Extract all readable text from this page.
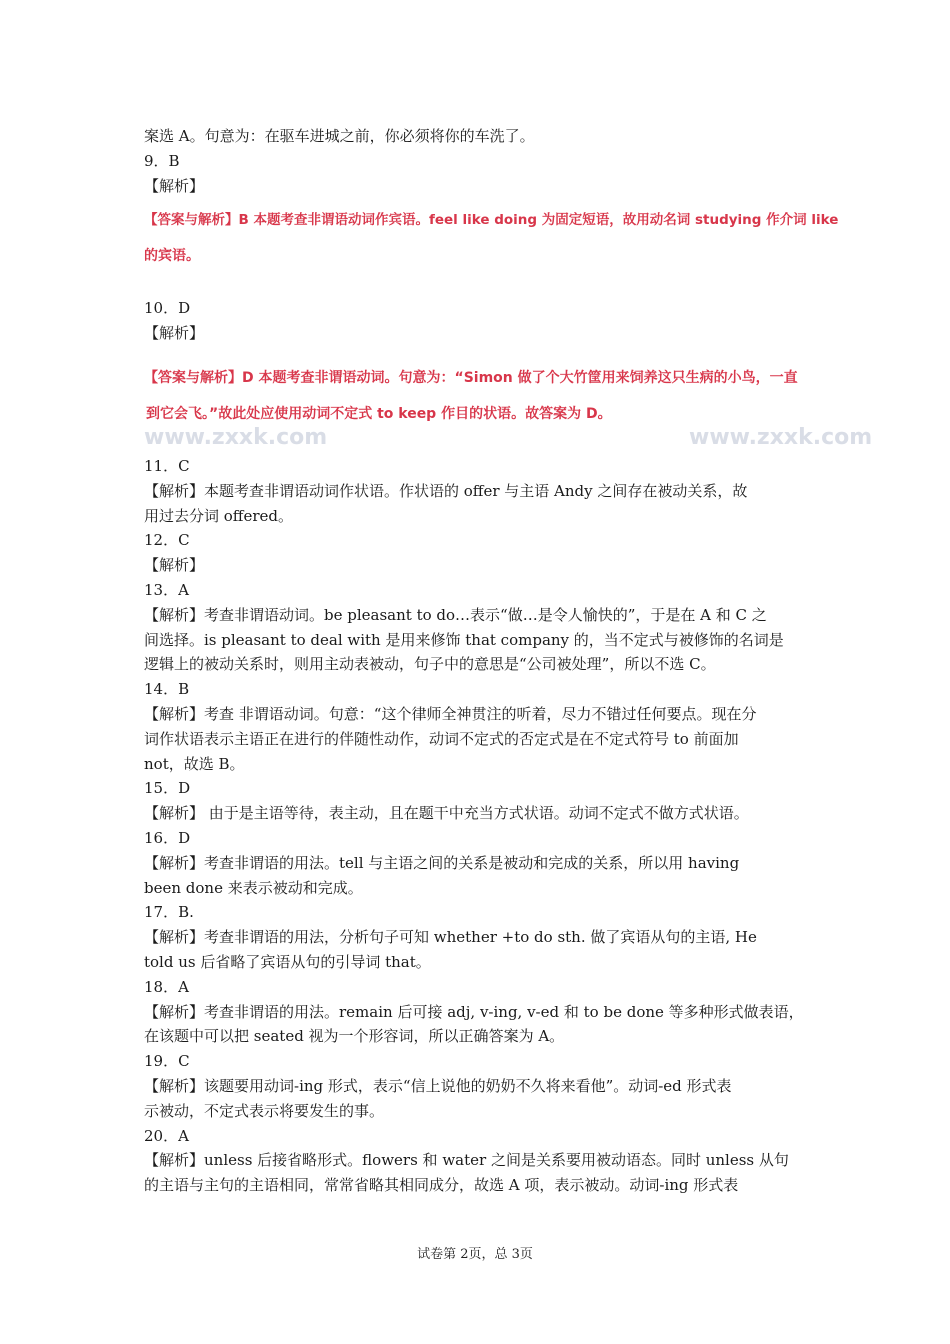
案选 A。句意为：在驱车进城之前，你必须将你的车洗了。
9．B
【解析】
【答案与解析】B 本题考查非谓语动词作宾语。feel like doing 为固定短语，故用动名词 studying 作介词 like
的宾语。
10．D
【解析】
【答案与解析】D 本题考查非谓语动词。句意为：“Simon 做了个大竹筐用来饲养这只生病的小鸟，一直
到它会飞。”故此处应使用动词不定式 to keep 作目的状语。故答案为 D。
www.zxxk.com	www.zxxk.com
11．C
【解析】本题考查非谓语动词作状语。作状语的 offer 与主语 Andy 之间存在被动关系，故
用过去分词 offered。
12．C
【解析】
13．A
【解析】考查非谓语动词。be pleasant to do…表示“做…是令人愉快的”，于是在 A 和 C 之
间选择。is pleasant to deal with 是用来修饰 that company 的，当不定式与被修饰的名词是
逻辑上的被动关系时，则用主动表被动，句子中的意思是“公司被处理”，所以不选 C。
14．B
【解析】考查 非谓语动词。句意：“这个律师全神贯注的听着，尽力不错过任何要点。现在分
词作状语表示主语正在进行的伴随性动作，动词不定式的否定式是在不定式符号 to 前面加
not，故选 B。
15．D
【解析】 由于是主语等待，表主动，且在题干中充当方式状语。动词不定式不做方式状语。
16．D
【解析】考查非谓语的用法。tell 与主语之间的关系是被动和完成的关系，所以用 having
been done 来表示被动和完成。
17．B.
【解析】考查非谓语的用法，分析句子可知 whether +to do sth. 做了宾语从句的主语, He
told us 后省略了宾语从句的引导词 that。
18．A
【解析】考查非谓语的用法。remain 后可接 adj, v-ing, v-ed 和 to be done 等多种形式做表语，
在该题中可以把 seated 视为一个形容词，所以正确答案为 A。
19．C
【解析】该题要用动词-ing 形式，表示“信上说他的奶奶不久将来看他”。动词-ed 形式表
示被动，不定式表示将要发生的事。
20．A
【解析】unless 后接省略形式。flowers 和 water 之间是关系要用被动语态。同时 unless 从句
的主语与主句的主语相同，常常省略其相同成分，故选 A 项，表示被动。动词-ing 形式表
试卷第 2页，总 3页
